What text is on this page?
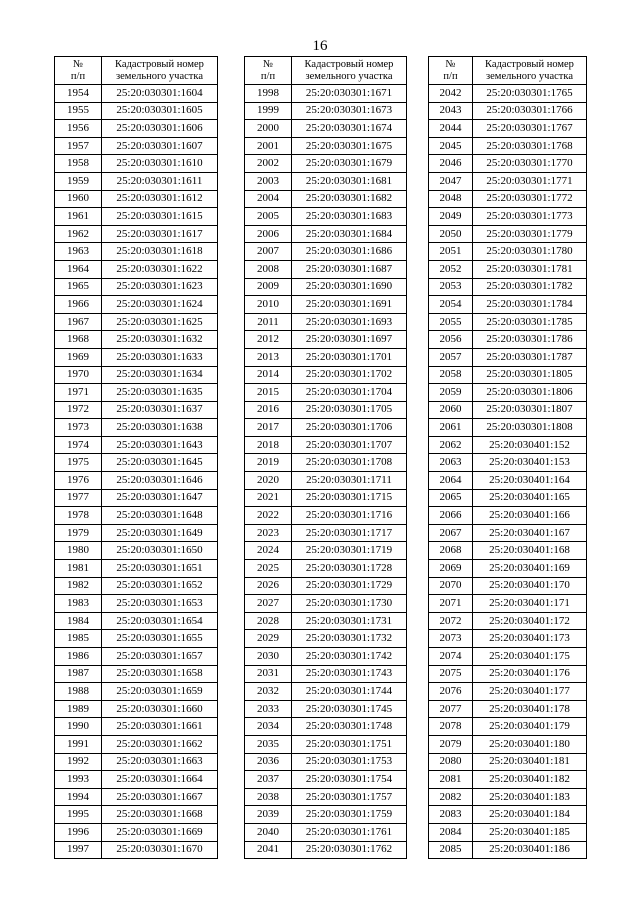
16
№
п/п	Кадастровый номер
земельного участка
1954	25:20:030301:1604
1955	25:20:030301:1605
1956	25:20:030301:1606
1957	25:20:030301:1607
1958	25:20:030301:1610
1959	25:20:030301:1611
1960	25:20:030301:1612
1961	25:20:030301:1615
1962	25:20:030301:1617
1963	25:20:030301:1618
1964	25:20:030301:1622
1965	25:20:030301:1623
1966	25:20:030301:1624
1967	25:20:030301:1625
1968	25:20:030301:1632
1969	25:20:030301:1633
1970	25:20:030301:1634
1971	25:20:030301:1635
1972	25:20:030301:1637
1973	25:20:030301:1638
1974	25:20:030301:1643
1975	25:20:030301:1645
1976	25:20:030301:1646
1977	25:20:030301:1647
1978	25:20:030301:1648
1979	25:20:030301:1649
1980	25:20:030301:1650
1981	25:20:030301:1651
1982	25:20:030301:1652
1983	25:20:030301:1653
1984	25:20:030301:1654
1985	25:20:030301:1655
1986	25:20:030301:1657
1987	25:20:030301:1658
1988	25:20:030301:1659
1989	25:20:030301:1660
1990	25:20:030301:1661
1991	25:20:030301:1662
1992	25:20:030301:1663
1993	25:20:030301:1664
1994	25:20:030301:1667
1995	25:20:030301:1668
1996	25:20:030301:1669
1997	25:20:030301:1670
№
п/п	Кадастровый номер
земельного участка
1998	25:20:030301:1671
1999	25:20:030301:1673
2000	25:20:030301:1674
2001	25:20:030301:1675
2002	25:20:030301:1679
2003	25:20:030301:1681
2004	25:20:030301:1682
2005	25:20:030301:1683
2006	25:20:030301:1684
2007	25:20:030301:1686
2008	25:20:030301:1687
2009	25:20:030301:1690
2010	25:20:030301:1691
2011	25:20:030301:1693
2012	25:20:030301:1697
2013	25:20:030301:1701
2014	25:20:030301:1702
2015	25:20:030301:1704
2016	25:20:030301:1705
2017	25:20:030301:1706
2018	25:20:030301:1707
2019	25:20:030301:1708
2020	25:20:030301:1711
2021	25:20:030301:1715
2022	25:20:030301:1716
2023	25:20:030301:1717
2024	25:20:030301:1719
2025	25:20:030301:1728
2026	25:20:030301:1729
2027	25:20:030301:1730
2028	25:20:030301:1731
2029	25:20:030301:1732
2030	25:20:030301:1742
2031	25:20:030301:1743
2032	25:20:030301:1744
2033	25:20:030301:1745
2034	25:20:030301:1748
2035	25:20:030301:1751
2036	25:20:030301:1753
2037	25:20:030301:1754
2038	25:20:030301:1757
2039	25:20:030301:1759
2040	25:20:030301:1761
2041	25:20:030301:1762
№
п/п	Кадастровый номер
земельного участка
2042	25:20:030301:1765
2043	25:20:030301:1766
2044	25:20:030301:1767
2045	25:20:030301:1768
2046	25:20:030301:1770
2047	25:20:030301:1771
2048	25:20:030301:1772
2049	25:20:030301:1773
2050	25:20:030301:1779
2051	25:20:030301:1780
2052	25:20:030301:1781
2053	25:20:030301:1782
2054	25:20:030301:1784
2055	25:20:030301:1785
2056	25:20:030301:1786
2057	25:20:030301:1787
2058	25:20:030301:1805
2059	25:20:030301:1806
2060	25:20:030301:1807
2061	25:20:030301:1808
2062	25:20:030401:152
2063	25:20:030401:153
2064	25:20:030401:164
2065	25:20:030401:165
2066	25:20:030401:166
2067	25:20:030401:167
2068	25:20:030401:168
2069	25:20:030401:169
2070	25:20:030401:170
2071	25:20:030401:171
2072	25:20:030401:172
2073	25:20:030401:173
2074	25:20:030401:175
2075	25:20:030401:176
2076	25:20:030401:177
2077	25:20:030401:178
2078	25:20:030401:179
2079	25:20:030401:180
2080	25:20:030401:181
2081	25:20:030401:182
2082	25:20:030401:183
2083	25:20:030401:184
2084	25:20:030401:185
2085	25:20:030401:186
